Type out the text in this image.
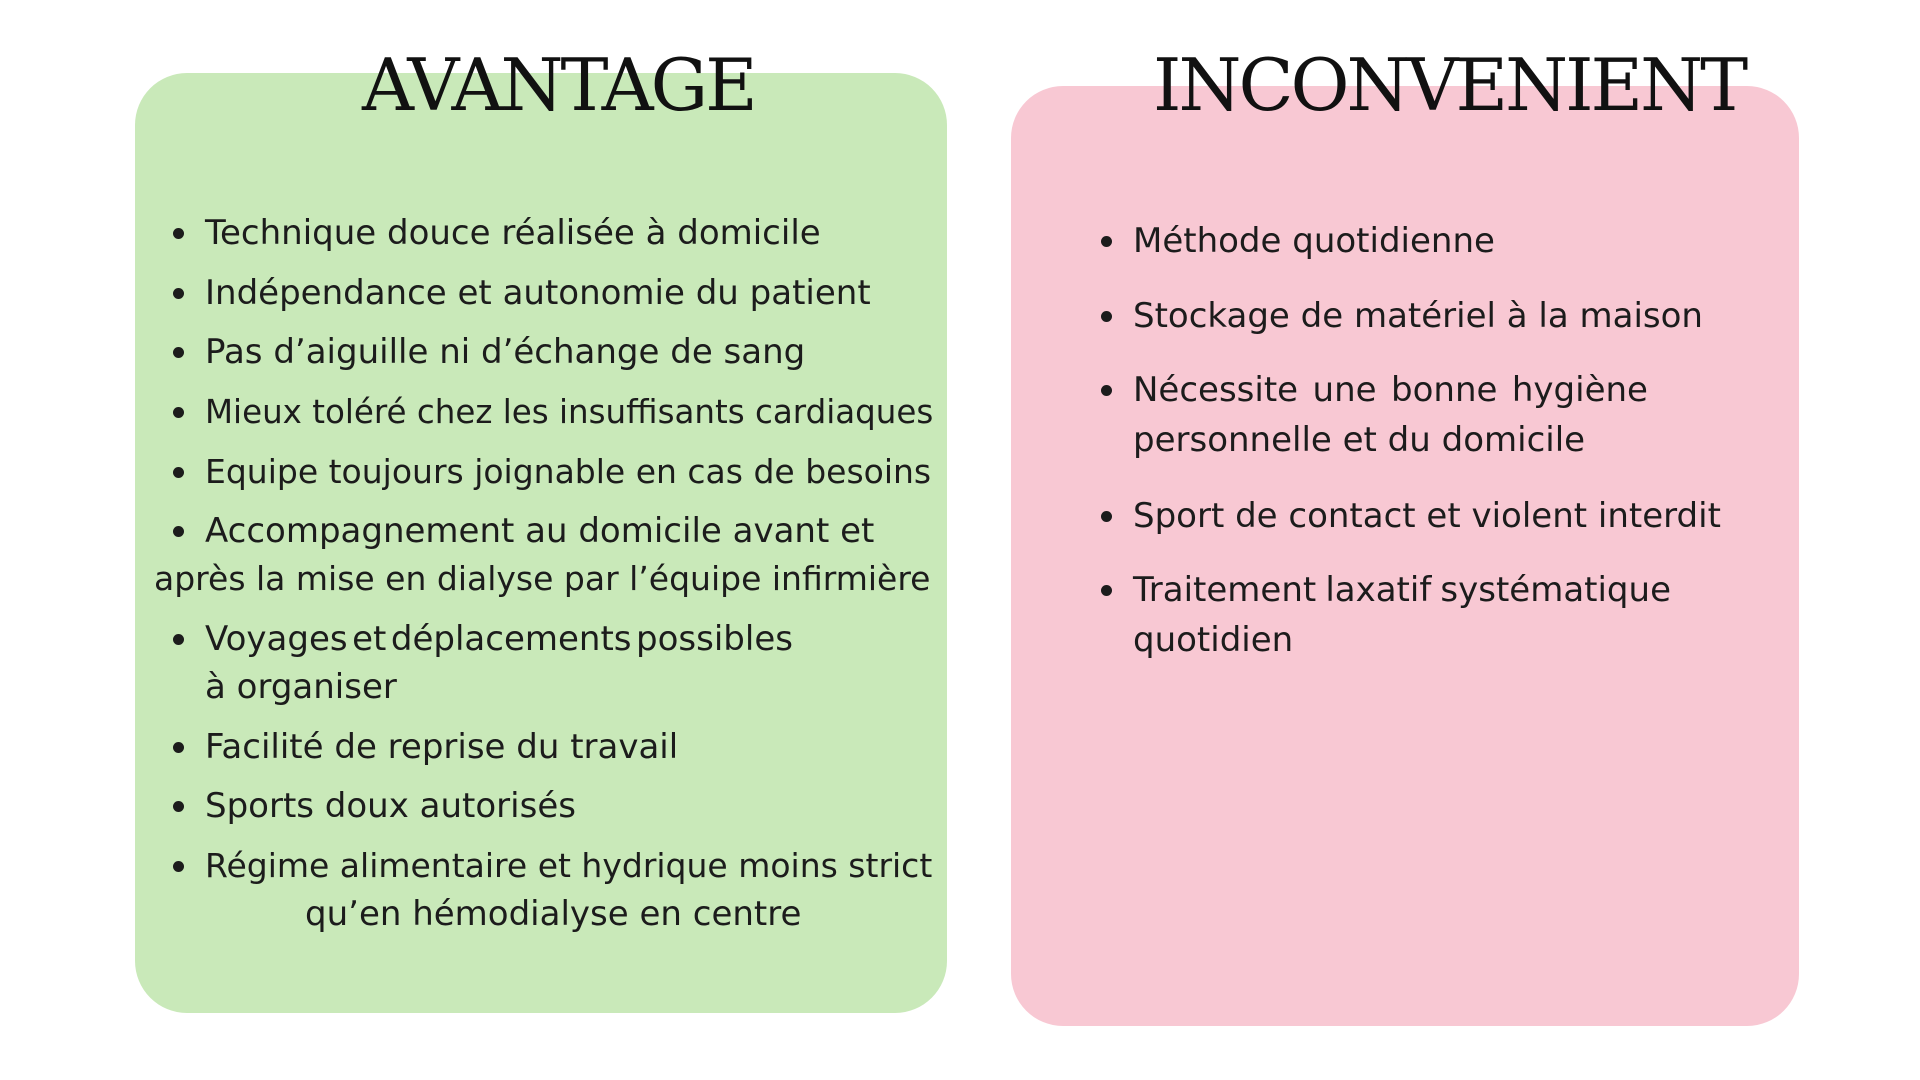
AVANTAGE
Technique douce réalisée à domicile
Indépendance et autonomie du patient
Pas d’aiguille ni d’échange de sang
Mieux toléré chez les insuffisants cardiaques
Equipe toujours joignable en cas de besoins
Accompagnement au domicile avant et
après la mise en dialyse par l’équipe infirmière
Voyages et déplacements possibles
à organiser
Facilité de reprise du travail
Sports doux autorisés
Régime alimentaire et hydrique moins strict
qu’en hémodialyse en centre
INCONVENIENT
Méthode quotidienne
Stockage de matériel à la maison
Nécessite une bonne hygiène
personnelle et du domicile
Sport de contact et violent interdit
Traitement laxatif systématique
quotidien
